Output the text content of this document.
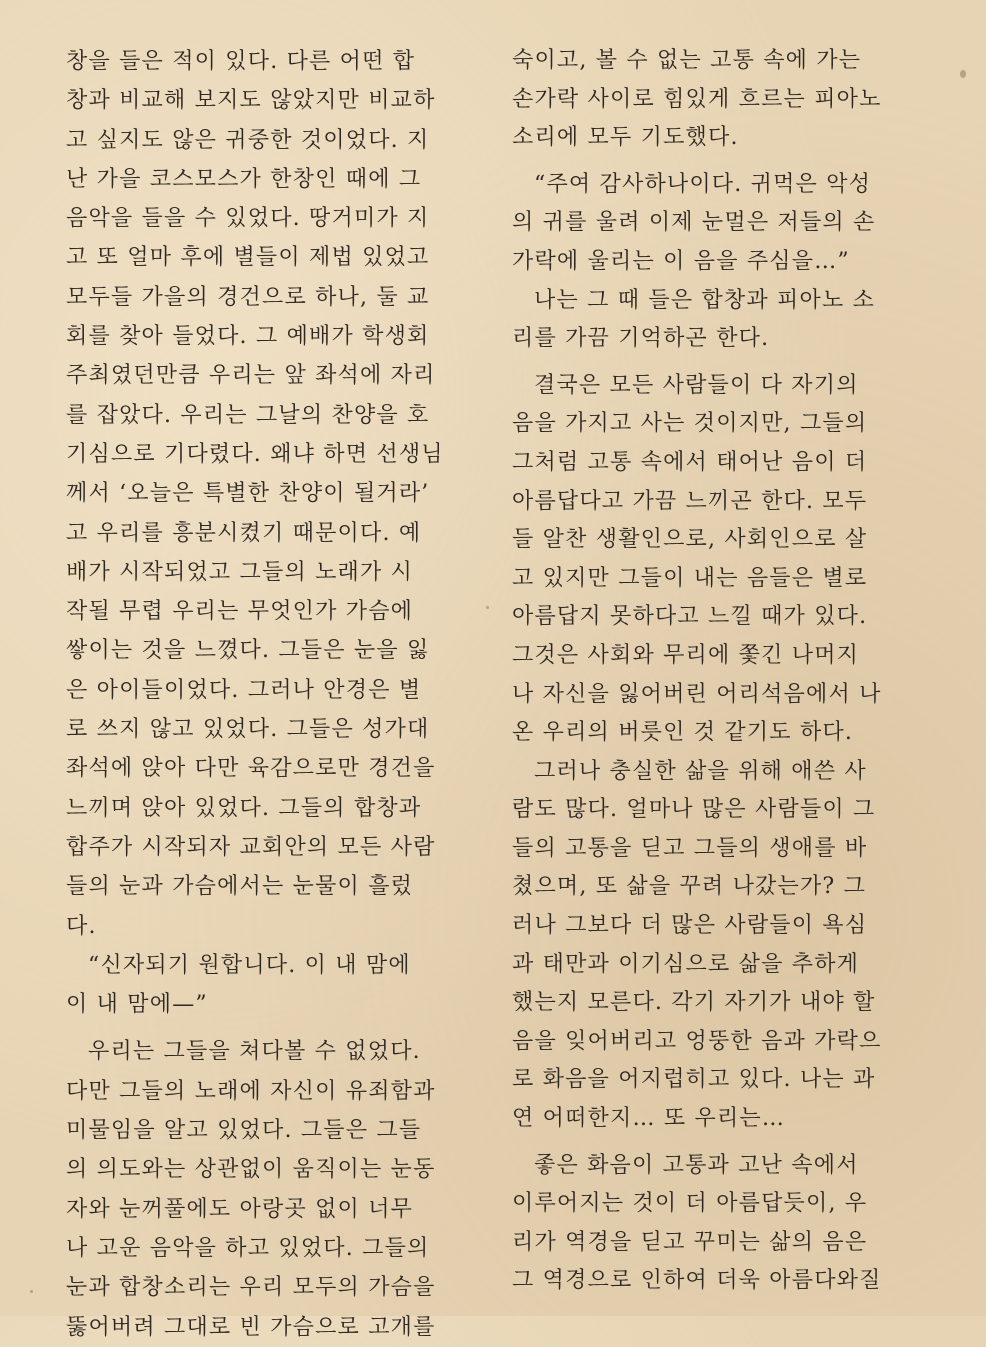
창을 들은 적이 있다. 다른 어떤 합
창과 비교해 보지도 않았지만 비교하
고 싶지도 않은 귀중한 것이었다. 지
난 가을 코스모스가 한창인 때에 그
음악을 들을 수 있었다. 땅거미가 지
고 또 얼마 후에 별들이 제법 있었고
모두들 가을의 경건으로 하나, 둘 교
회를 찾아 들었다. 그 예배가 학생회
주최였던만큼 우리는 앞 좌석에 자리
를 잡았다. 우리는 그날의 찬양을 호
기심으로 기다렸다. 왜냐 하면 선생님
께서 ‘오늘은 특별한 찬양이 될거라’
고 우리를 흥분시켰기 때문이다. 예
배가 시작되었고 그들의 노래가 시
작될 무렵 우리는 무엇인가 가슴에
쌓이는 것을 느꼈다. 그들은 눈을 잃
은 아이들이었다. 그러나 안경은 별
로 쓰지 않고 있었다. 그들은 성가대
좌석에 앉아 다만 육감으로만 경건을
느끼며 앉아 있었다. 그들의 합창과
합주가 시작되자 교회안의 모든 사람
들의 눈과 가슴에서는 눈물이 흘렀
다.
“신자되기 원합니다. 이 내 맘에
이 내 맘에—”
우리는 그들을 쳐다볼 수 없었다.
다만 그들의 노래에 자신이 유죄함과
미물임을 알고 있었다. 그들은 그들
의 의도와는 상관없이 움직이는 눈동
자와 눈꺼풀에도 아랑곳 없이 너무
나 고운 음악을 하고 있었다. 그들의
눈과 합창소리는 우리 모두의 가슴을
뚫어버려 그대로 빈 가슴으로 고개를
숙이고, 볼 수 없는 고통 속에 가는
손가락 사이로 힘있게 흐르는 피아노
소리에 모두 기도했다.
“주여 감사하나이다. 귀먹은 악성
의 귀를 울려 이제 눈멀은 저들의 손
가락에 울리는 이 음을 주심을…”
나는 그 때 들은 합창과 피아노 소
리를 가끔 기억하곤 한다.
결국은 모든 사람들이 다 자기의
음을 가지고 사는 것이지만, 그들의
그처럼 고통 속에서 태어난 음이 더
아름답다고 가끔 느끼곤 한다. 모두
들 알찬 생활인으로, 사회인으로 살
고 있지만 그들이 내는 음들은 별로
아름답지 못하다고 느낄 때가 있다.
그것은 사회와 무리에 쫓긴 나머지
나 자신을 잃어버린 어리석음에서 나
온 우리의 버릇인 것 같기도 하다.
그러나 충실한 삶을 위해 애쓴 사
람도 많다. 얼마나 많은 사람들이 그
들의 고통을 딛고 그들의 생애를 바
쳤으며, 또 삶을 꾸려 나갔는가? 그
러나 그보다 더 많은 사람들이 욕심
과 태만과 이기심으로 삶을 추하게
했는지 모른다. 각기 자기가 내야 할
음을 잊어버리고 엉뚱한 음과 가락으
로 화음을 어지럽히고 있다. 나는 과
연 어떠한지… 또 우리는…
좋은 화음이 고통과 고난 속에서
이루어지는 것이 더 아름답듯이, 우
리가 역경을 딛고 꾸미는 삶의 음은
그 역경으로 인하여 더욱 아름다와질
